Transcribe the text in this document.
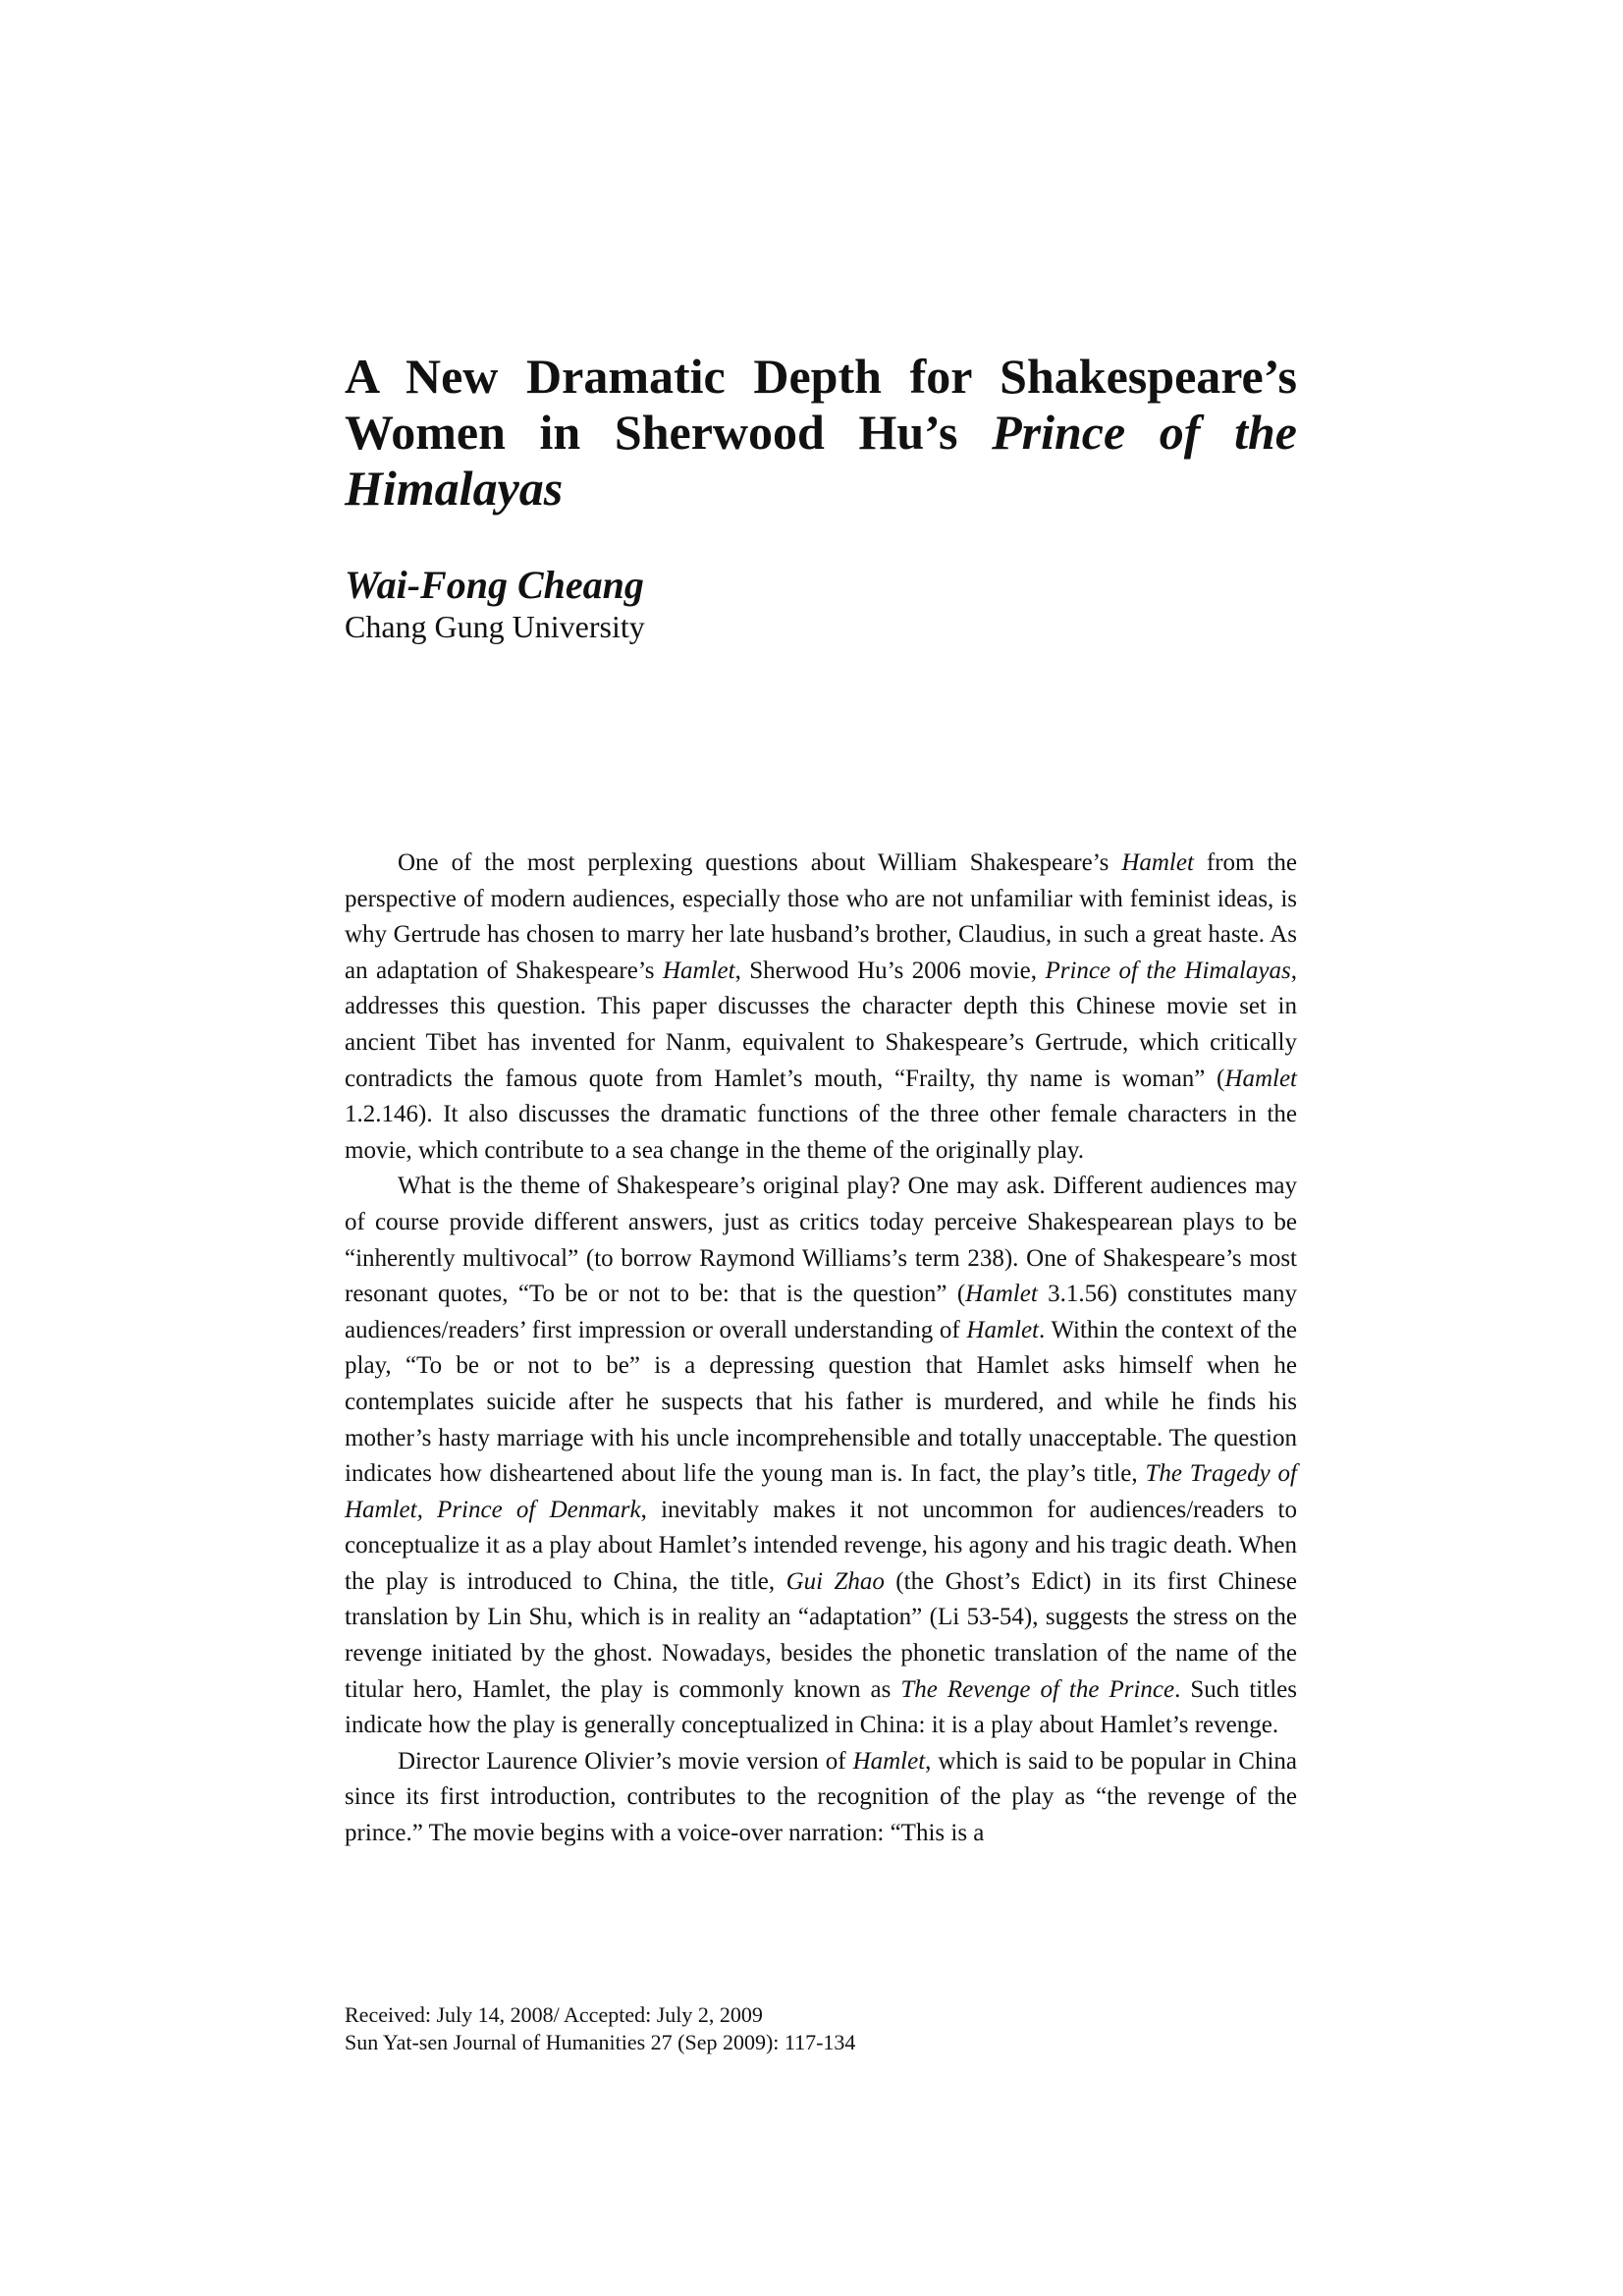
A New Dramatic Depth for Shakespeare’s
Women in Sherwood Hu’s Prince of the
Himalayas
Wai-Fong Cheang
Chang Gung University

One of the most perplexing questions about William Shakespeare’s Hamlet from the perspective of modern audiences, especially those who are not unfamiliar with feminist ideas, is why Gertrude has chosen to marry her late husband’s brother, Claudius, in such a great haste. As an adaptation of Shakespeare’s Hamlet, Sherwood Hu’s 2006 movie, Prince of the Himalayas, addresses this question. This paper discusses the character depth this Chinese movie set in ancient Tibet has invented for Nanm, equivalent to Shakespeare’s Gertrude, which critically contradicts the famous quote from Hamlet’s mouth, “Frailty, thy name is woman” (Hamlet 1.2.146). It also discusses the dramatic functions of the three other female characters in the movie, which contribute to a sea change in the theme of the originally play.

What is the theme of Shakespeare’s original play? One may ask. Different audiences may of course provide different answers, just as critics today perceive Shakespearean plays to be “inherently multivocal” (to borrow Raymond Williams’s term 238). One of Shakespeare’s most resonant quotes, “To be or not to be: that is the question” (Hamlet 3.1.56) constitutes many audiences/readers’ first impression or overall understanding of Hamlet. Within the context of the play, “To be or not to be” is a depressing question that Hamlet asks himself when he contemplates suicide after he suspects that his father is murdered, and while he finds his mother’s hasty marriage with his uncle incomprehensible and totally unacceptable. The question indicates how disheartened about life the young man is. In fact, the play’s title, The Tragedy of Hamlet, Prince of Denmark, inevitably makes it not uncommon for audiences/readers to conceptualize it as a play about Hamlet’s intended revenge, his agony and his tragic death. When the play is introduced to China, the title, Gui Zhao (the Ghost’s Edict) in its first Chinese translation by Lin Shu, which is in reality an “adaptation” (Li 53-54), suggests the stress on the revenge initiated by the ghost. Nowadays, besides the phonetic translation of the name of the titular hero, Hamlet, the play is commonly known as The Revenge of the Prince. Such titles indicate how the play is generally conceptualized in China: it is a play about Hamlet’s revenge.

Director Laurence Olivier’s movie version of Hamlet, which is said to be popular in China since its first introduction, contributes to the recognition of the play as “the revenge of the prince.” The movie begins with a voice-over narration: “This is a

Received: July 14, 2008/ Accepted: July 2, 2009
Sun Yat-sen Journal of Humanities 27 (Sep 2009): 117-134
